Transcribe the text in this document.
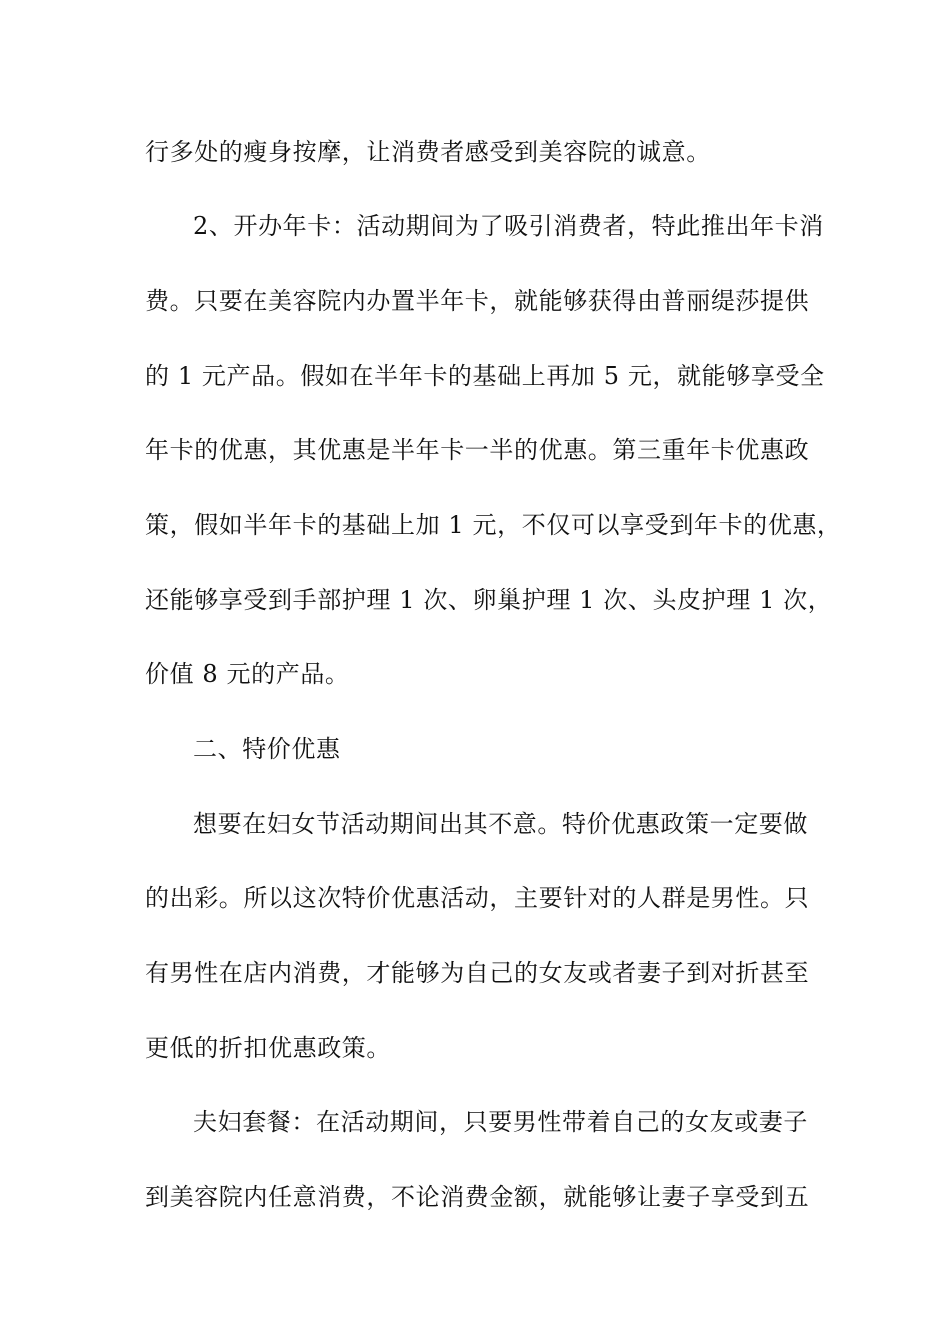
行多处的瘦身按摩，让消费者感受到美容院的诚意。
2、开办年卡：活动期间为了吸引消费者，特此推出年卡消
费。只要在美容院内办置半年卡，就能够获得由普丽缇莎提供
的 1 元产品。假如在半年卡的基础上再加 5 元，就能够享受全
年卡的优惠，其优惠是半年卡一半的优惠。第三重年卡优惠政
策，假如半年卡的基础上加 1 元，不仅可以享受到年卡的优惠，
还能够享受到手部护理 1 次、卵巢护理 1 次、头皮护理 1 次，
价值 8 元的产品。
二、特价优惠
想要在妇女节活动期间出其不意。特价优惠政策一定要做
的出彩。所以这次特价优惠活动，主要针对的人群是男性。只
有男性在店内消费，才能够为自己的女友或者妻子到对折甚至
更低的折扣优惠政策。
夫妇套餐：在活动期间，只要男性带着自己的女友或妻子
到美容院内任意消费，不论消费金额，就能够让妻子享受到五
